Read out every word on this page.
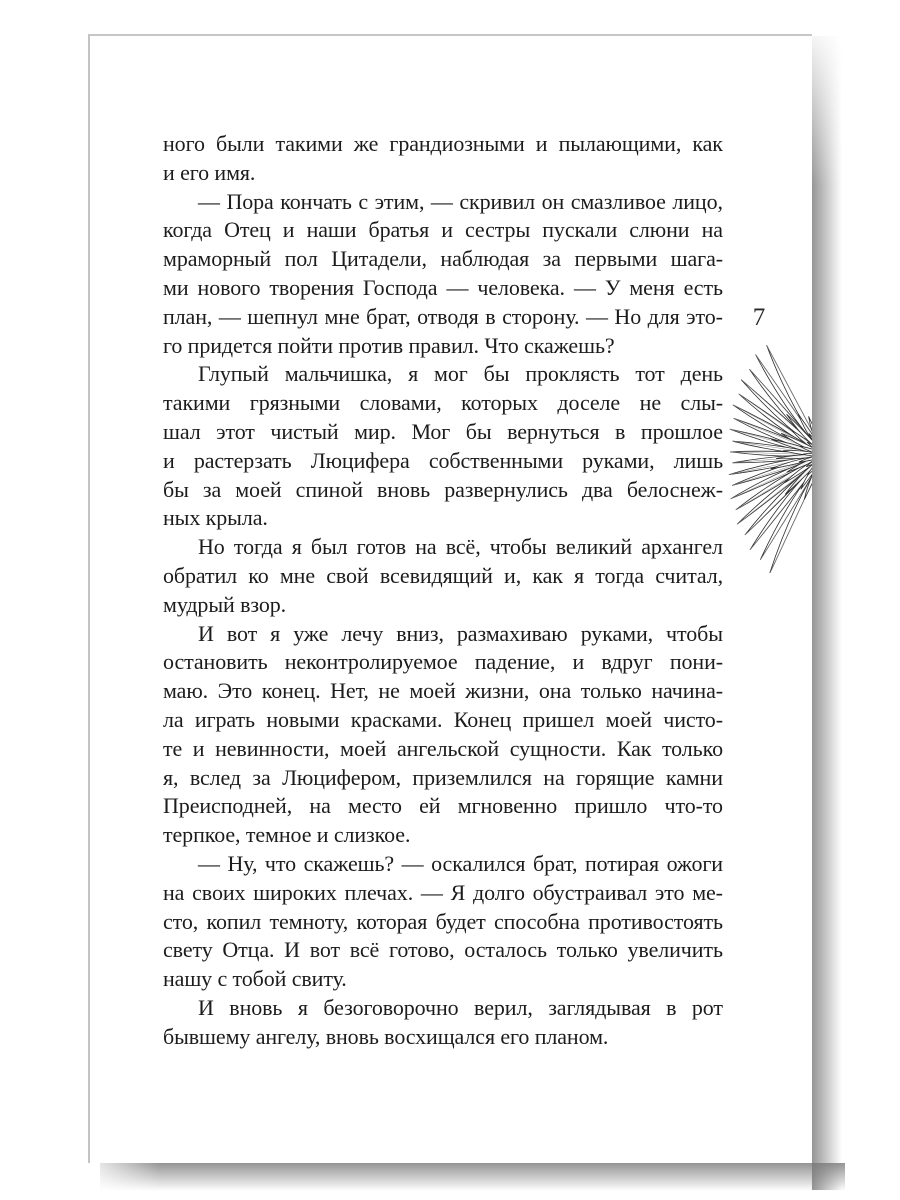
ного были такими же грандиозными и пылающими, как
и его имя.
— Пора кончать с этим, — скривил он смазливое лицо,
когда Отец и наши братья и сестры пускали слюни на
мраморный пол Цитадели, наблюдая за первыми шага-
ми нового творения Господа — человека. — У меня есть
план, — шепнул мне брат, отводя в сторону. — Но для это-
го придется пойти против правил. Что скажешь?
Глупый мальчишка, я мог бы проклясть тот день
такими грязными словами, которых доселе не слы-
шал этот чистый мир. Мог бы вернуться в прошлое
и растерзать Люцифера собственными руками, лишь
бы за моей спиной вновь развернулись два белоснеж-
ных крыла.
Но тогда я был готов на всё, чтобы великий архангел
обратил ко мне свой всевидящий и, как я тогда считал,
мудрый взор.
И вот я уже лечу вниз, размахиваю руками, чтобы
остановить неконтролируемое падение, и вдруг пони-
маю. Это конец. Нет, не моей жизни, она только начина-
ла играть новыми красками. Конец пришел моей чисто-
те и невинности, моей ангельской сущности. Как только
я, вслед за Люцифером, приземлился на горящие камни
Преисподней, на место ей мгновенно пришло что-то
терпкое, темное и слизкое.
— Ну, что скажешь? — оскалился брат, потирая ожоги
на своих широких плечах. — Я долго обустраивал это ме-
сто, копил темноту, которая будет способна противостоять
свету Отца. И вот всё готово, осталось только увеличить
нашу с тобой свиту.
И вновь я безоговорочно верил, заглядывая в рот
бывшему ангелу, вновь восхищался его планом.
7
